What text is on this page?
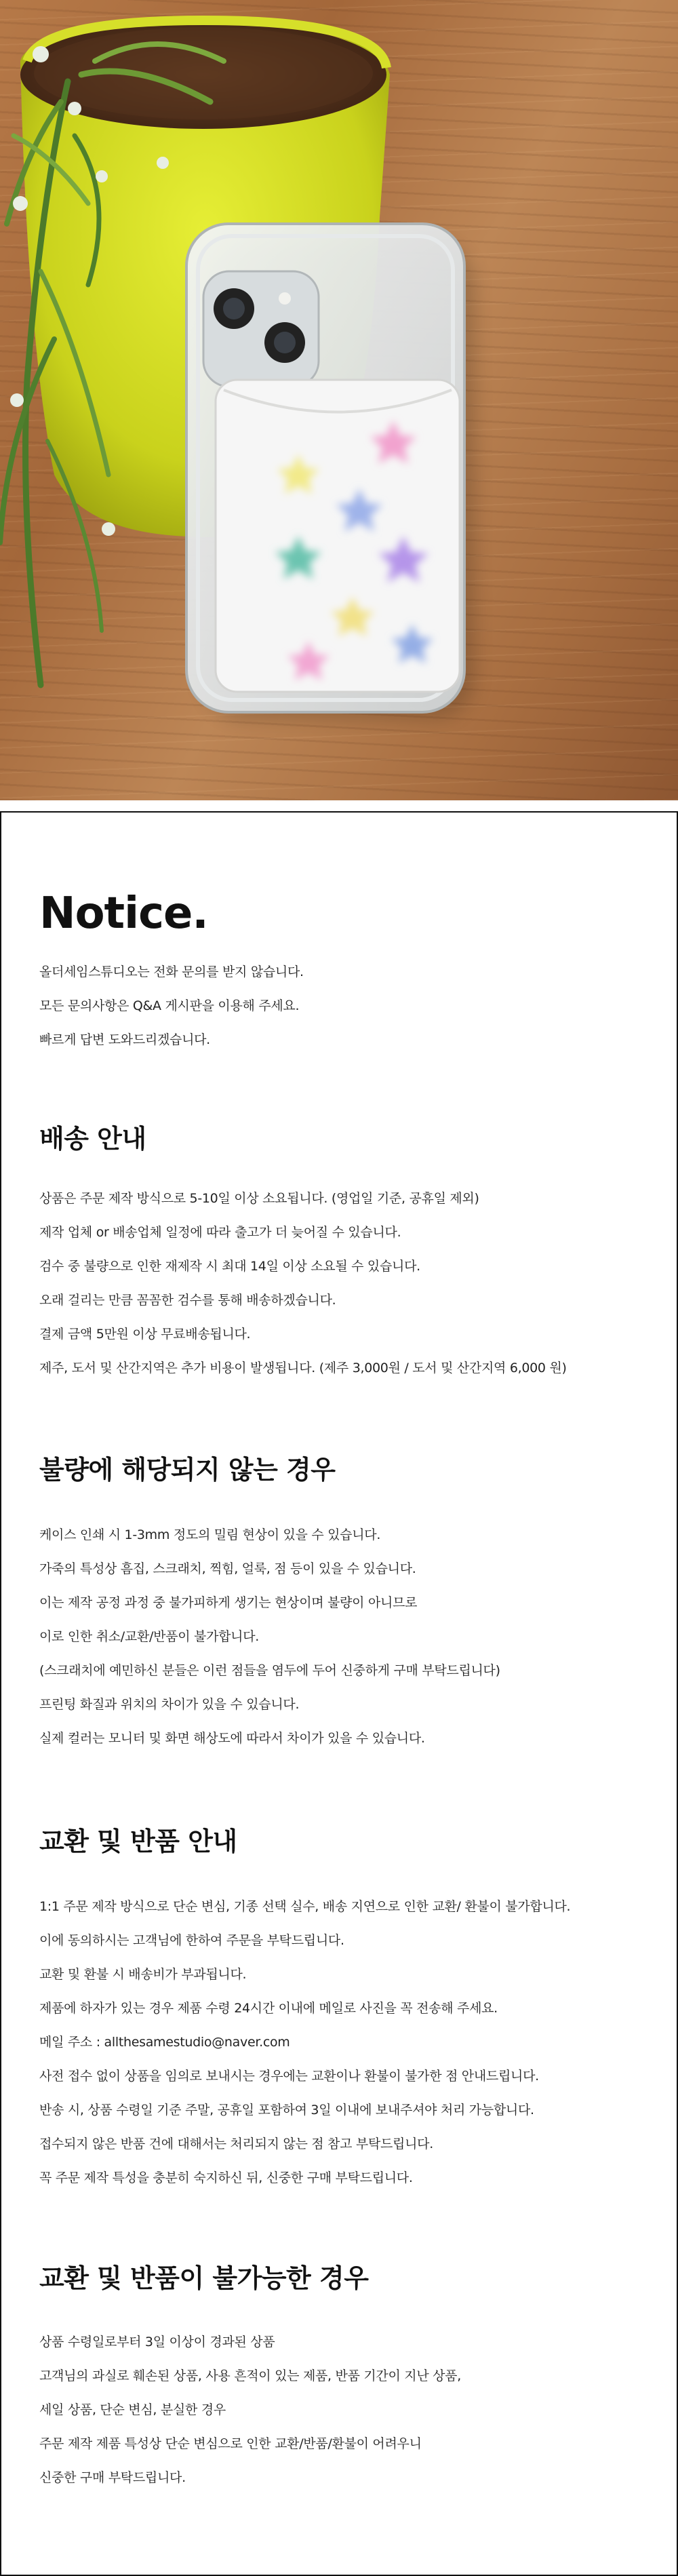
Notice.

올더세임스튜디오는 전화 문의를 받지 않습니다.

모든 문의사항은 Q&A 게시판을 이용해 주세요.

빠르게 답변 도와드리겠습니다.

배송 안내

상품은 주문 제작 방식으로 5-10일 이상 소요됩니다. (영업일 기준, 공휴일 제외)

제작 업체 or 배송업체 일정에 따라 출고가 더 늦어질 수 있습니다.

검수 중 불량으로 인한 재제작 시 최대 14일 이상 소요될 수 있습니다.

오래 걸리는 만큼 꼼꼼한 검수를 통해 배송하겠습니다.

결제 금액 5만원 이상 무료배송됩니다.

제주, 도서 및 산간지역은 추가 비용이 발생됩니다. (제주 3,000원 / 도서 및 산간지역 6,000 원)

불량에 해당되지 않는 경우

케이스 인쇄 시 1-3mm 정도의 밀림 현상이 있을 수 있습니다.

가죽의 특성상 흠집, 스크래치, 찍힘, 얼룩, 점 등이 있을 수 있습니다.

이는 제작 공정 과정 중 불가피하게 생기는 현상이며 불량이 아니므로

이로 인한 취소/교환/반품이 불가합니다.

(스크래치에 예민하신 분들은 이런 점들을 염두에 두어 신중하게 구매 부탁드립니다)

프린팅 화질과 위치의 차이가 있을 수 있습니다.

실제 컬러는 모니터 및 화면 해상도에 따라서 차이가 있을 수 있습니다.

교환 및 반품 안내

1:1 주문 제작 방식으로 단순 변심, 기종 선택 실수, 배송 지연으로 인한 교환/ 환불이 불가합니다.

이에 동의하시는 고객님에 한하여 주문을 부탁드립니다.

교환 및 환불 시 배송비가 부과됩니다.

제품에 하자가 있는 경우 제품 수령 24시간 이내에 메일로 사진을 꼭 전송해 주세요.

메일 주소 : allthesamestudio@naver.com

사전 접수 없이 상품을 임의로 보내시는 경우에는 교환이나 환불이 불가한 점 안내드립니다.

반송 시, 상품 수령일 기준 주말, 공휴일 포함하여 3일 이내에 보내주셔야 처리 가능합니다.

접수되지 않은 반품 건에 대해서는 처리되지 않는 점 참고 부탁드립니다.

꼭 주문 제작 특성을 충분히 숙지하신 뒤, 신중한 구매 부탁드립니다.

교환 및 반품이 불가능한 경우

상품 수령일로부터 3일 이상이 경과된 상품

고객님의 과실로 훼손된 상품, 사용 흔적이 있는 제품, 반품 기간이 지난 상품,

세일 상품, 단순 변심, 분실한 경우

주문 제작 제품 특성상 단순 변심으로 인한 교환/반품/환불이 어려우니

신중한 구매 부탁드립니다.
